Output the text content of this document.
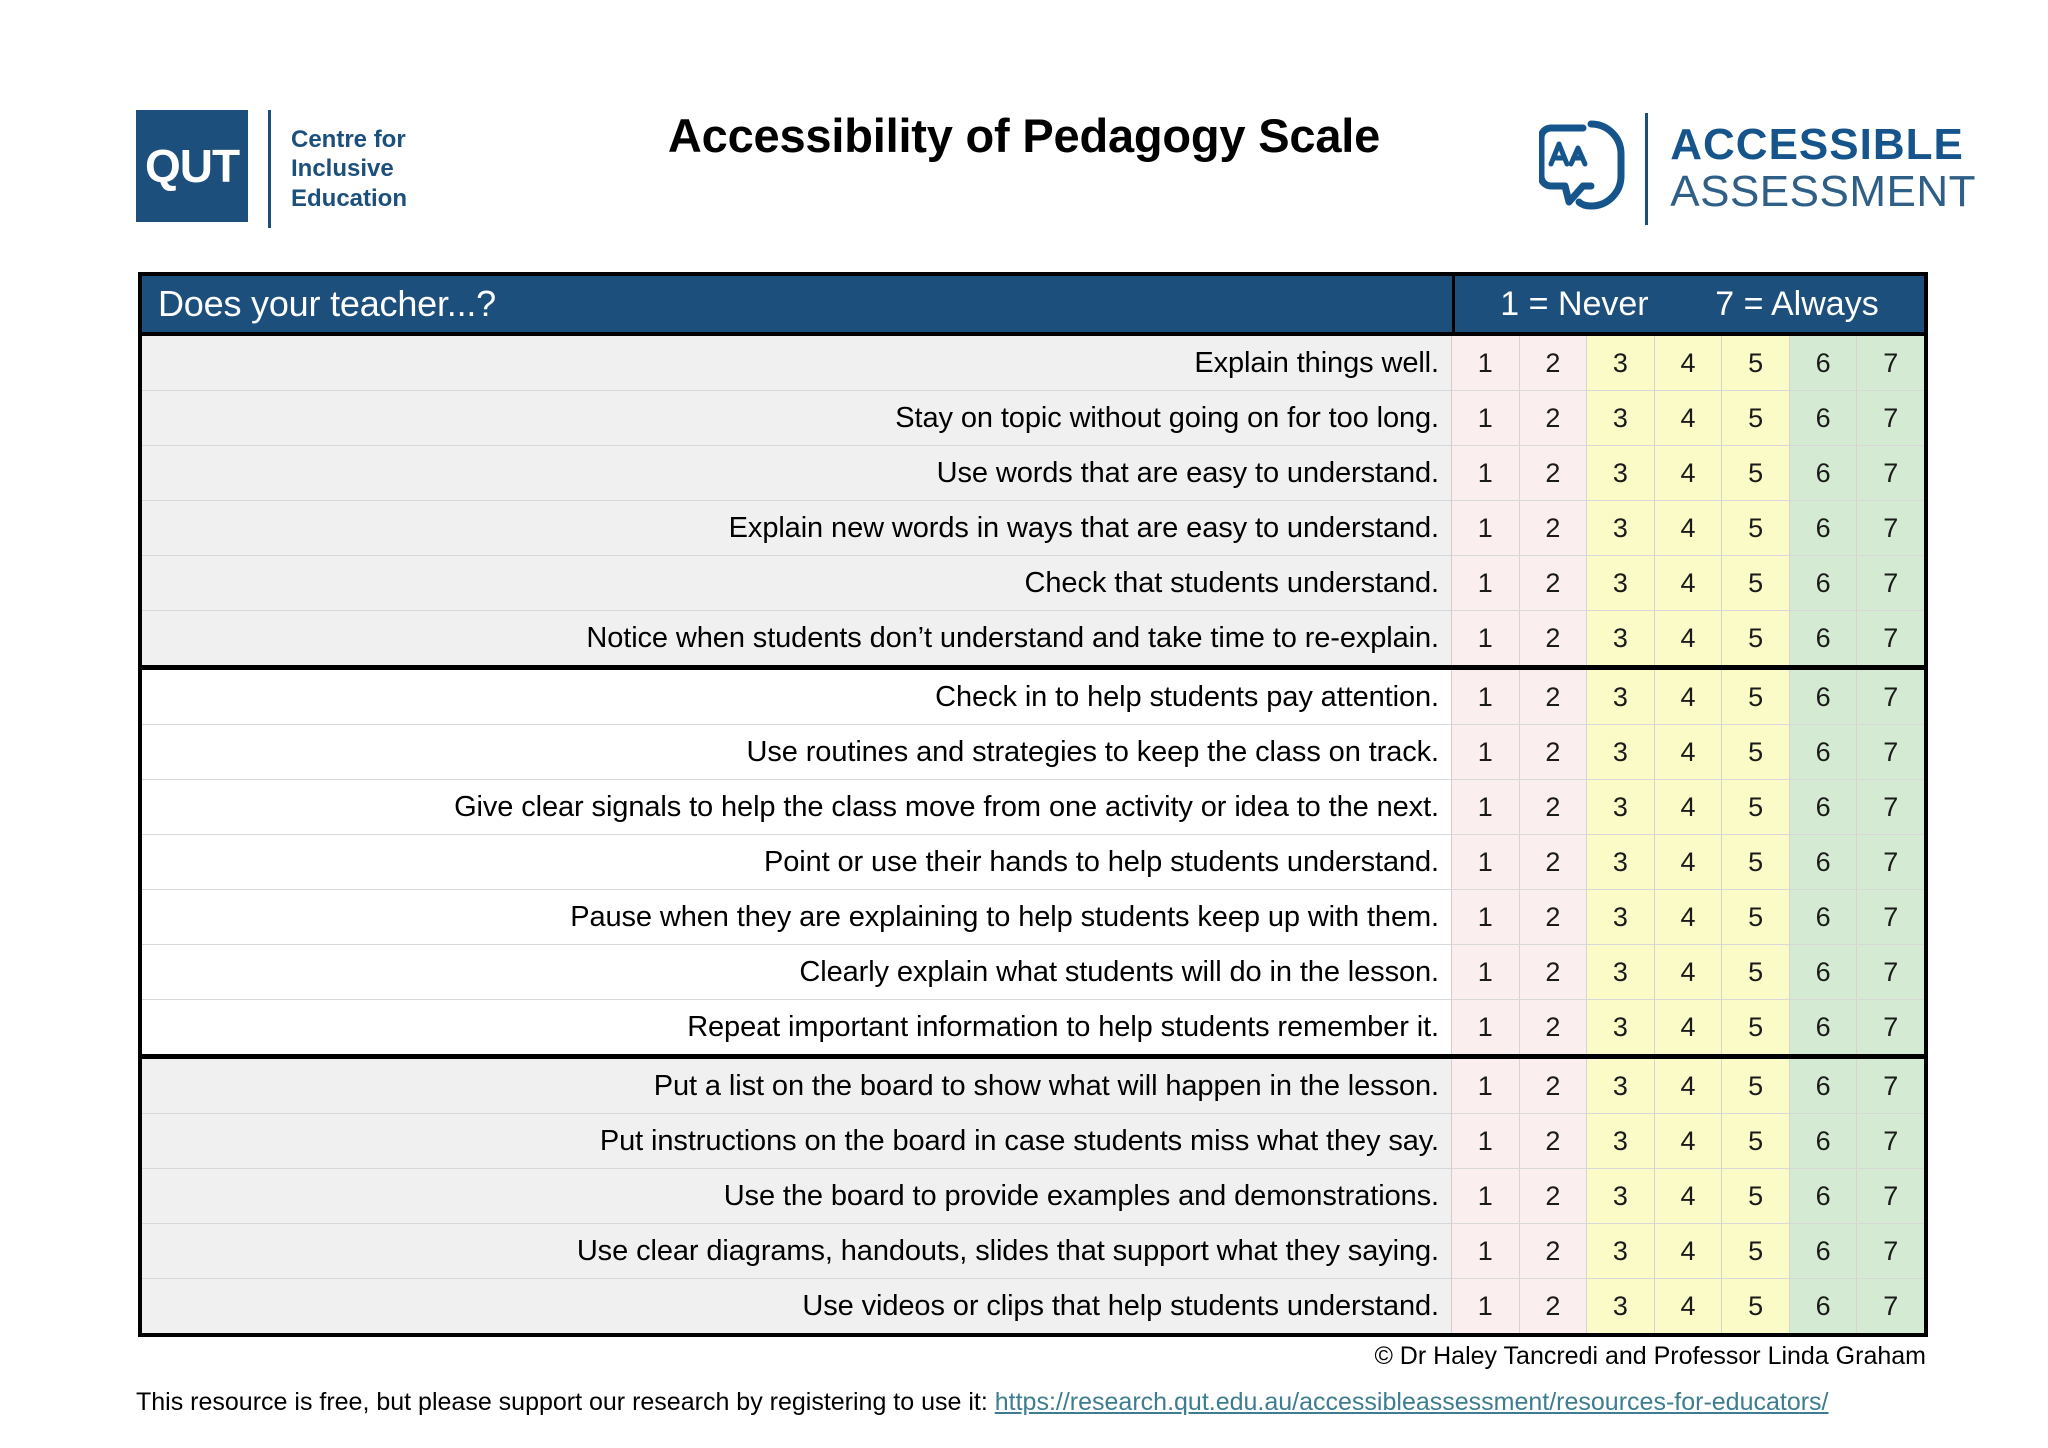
QUT
Centre for
Inclusive
Education
Accessibility of Pedagogy Scale	ACCESSIBLE
ASSESSMENT
Does your teacher...?	1 = Never 7 = Always
Explain things well.	1	2	3	4	5	6	7
Stay on topic without going on for too long.	1	2	3	4	5	6	7
Use words that are easy to understand.	1	2	3	4	5	6	7
Explain new words in ways that are easy to understand.	1	2	3	4	5	6	7
Check that students understand.	1	2	3	4	5	6	7
Notice when students don’t understand and take time to re-explain.	1	2	3	4	5	6	7
Check in to help students pay attention.	1	2	3	4	5	6	7
Use routines and strategies to keep the class on track.	1	2	3	4	5	6	7
Give clear signals to help the class move from one activity or idea to the next.	1	2	3	4	5	6	7
Point or use their hands to help students understand.	1	2	3	4	5	6	7
Pause when they are explaining to help students keep up with them.	1	2	3	4	5	6	7
Clearly explain what students will do in the lesson.	1	2	3	4	5	6	7
Repeat important information to help students remember it.	1	2	3	4	5	6	7
Put a list on the board to show what will happen in the lesson.	1	2	3	4	5	6	7
Put instructions on the board in case students miss what they say.	1	2	3	4	5	6	7
Use the board to provide examples and demonstrations.	1	2	3	4	5	6	7
Use clear diagrams, handouts, slides that support what they saying.	1	2	3	4	5	6	7
Use videos or clips that help students understand.	1	2	3	4	5	6	7
© Dr Haley Tancredi and Professor Linda Graham
This resource is free, but please support our research by registering to use it: https://research.qut.edu.au/accessibleassessment/resources-for-educators/
